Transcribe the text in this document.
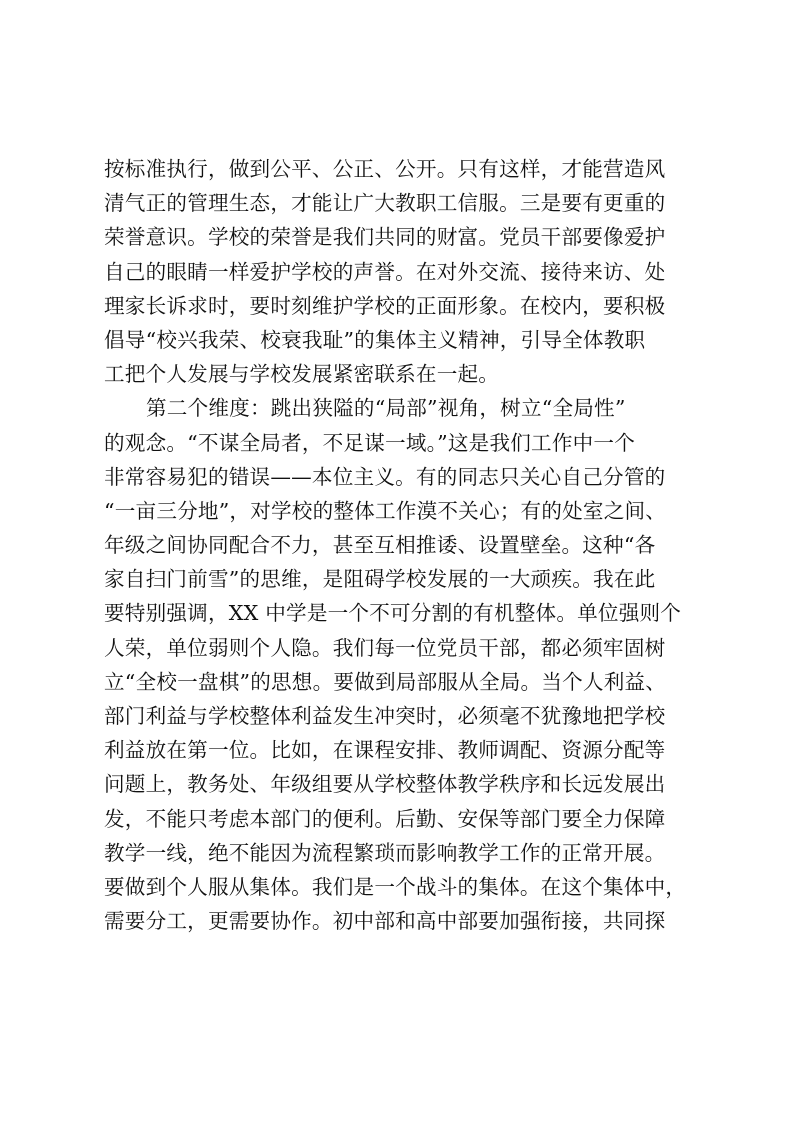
按标准执行，做到公平、公正、公开。只有这样，才能营造风
清气正的管理生态，才能让广大教职工信服。三是要有更重的
荣誉意识。学校的荣誉是我们共同的财富。党员干部要像爱护
自己的眼睛一样爱护学校的声誉。在对外交流、接待来访、处
理家长诉求时，要时刻维护学校的正面形象。在校内，要积极
倡导“校兴我荣、校衰我耻”的集体主义精神，引导全体教职
工把个人发展与学校发展紧密联系在一起。
第二个维度：跳出狭隘的“局部”视角，树立“全局性”
的观念。“不谋全局者，不足谋一域。”这是我们工作中一个
非常容易犯的错误——本位主义。有的同志只关心自己分管的
“一亩三分地”，对学校的整体工作漠不关心；有的处室之间、
年级之间协同配合不力，甚至互相推诿、设置壁垒。这种“各
家自扫门前雪”的思维，是阻碍学校发展的一大顽疾。我在此
要特别强调，XX 中学是一个不可分割的有机整体。单位强则个
人荣，单位弱则个人隐。我们每一位党员干部，都必须牢固树
立“全校一盘棋”的思想。要做到局部服从全局。当个人利益、
部门利益与学校整体利益发生冲突时，必须毫不犹豫地把学校
利益放在第一位。比如，在课程安排、教师调配、资源分配等
问题上，教务处、年级组要从学校整体教学秩序和长远发展出
发，不能只考虑本部门的便利。后勤、安保等部门要全力保障
教学一线，绝不能因为流程繁琐而影响教学工作的正常开展。
要做到个人服从集体。我们是一个战斗的集体。在这个集体中，
需要分工，更需要协作。初中部和高中部要加强衔接，共同探
